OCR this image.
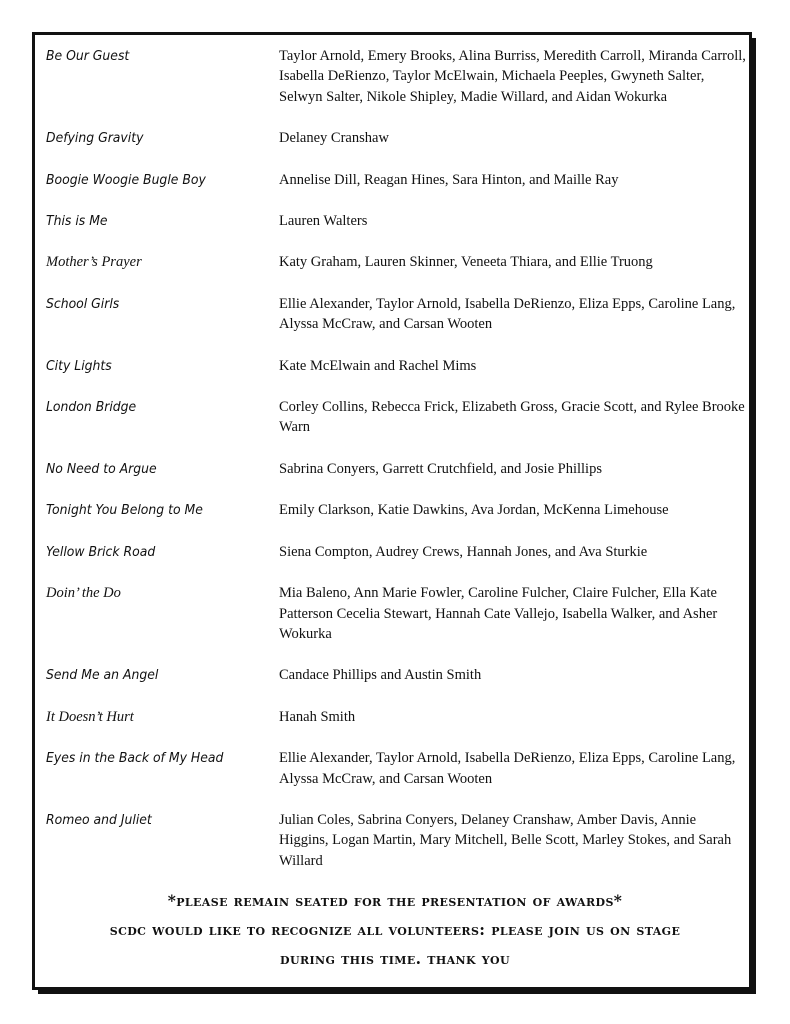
Be Our Guest	Taylor Arnold, Emery Brooks, Alina Burriss, Meredith Carroll, Miranda Carroll, Isabella DeRienzo, Taylor McElwain, Michaela Peeples, Gwyneth Salter, Selwyn Salter, Nikole Shipley, Madie Willard, and Aidan Wokurka
Defying Gravity	Delaney Cranshaw
Boogie Woogie Bugle Boy	Annelise Dill, Reagan Hines, Sara Hinton, and Maille Ray
This is Me	Lauren Walters
Mother’s Prayer	Katy Graham, Lauren Skinner, Veneeta Thiara, and Ellie Truong
School Girls	Ellie Alexander, Taylor Arnold, Isabella DeRienzo, Eliza Epps, Caroline Lang, Alyssa McCraw, and Carsan Wooten
City Lights	Kate McElwain and Rachel Mims
London Bridge	Corley Collins, Rebecca Frick, Elizabeth Gross, Gracie Scott, and Rylee Brooke Warn
No Need to Argue	Sabrina Conyers, Garrett Crutchfield, and Josie Phillips
Tonight You Belong to Me	Emily Clarkson, Katie Dawkins, Ava Jordan, McKenna Limehouse
Yellow Brick Road	Siena Compton, Audrey Crews, Hannah Jones, and Ava Sturkie
Doin’ the Do	Mia Baleno, Ann Marie Fowler, Caroline Fulcher, Claire Fulcher, Ella Kate Patterson Cecelia Stewart, Hannah Cate Vallejo, Isabella Walker, and Asher Wokurka
Send Me an Angel	Candace Phillips and Austin Smith
It Doesn’t Hurt	Hanah Smith
Eyes in the Back of My Head	Ellie Alexander, Taylor Arnold, Isabella DeRienzo, Eliza Epps, Caroline Lang, Alyssa McCraw, and Carsan Wooten
Romeo and Juliet	Julian Coles, Sabrina Conyers, Delaney Cranshaw, Amber Davis, Annie Higgins, Logan Martin, Mary Mitchell, Belle Scott, Marley Stokes, and Sarah Willard
*please remain seated for the presentation of awards*
scdc would like to recognize all volunteers: please join us on stage
during this time. thank you
